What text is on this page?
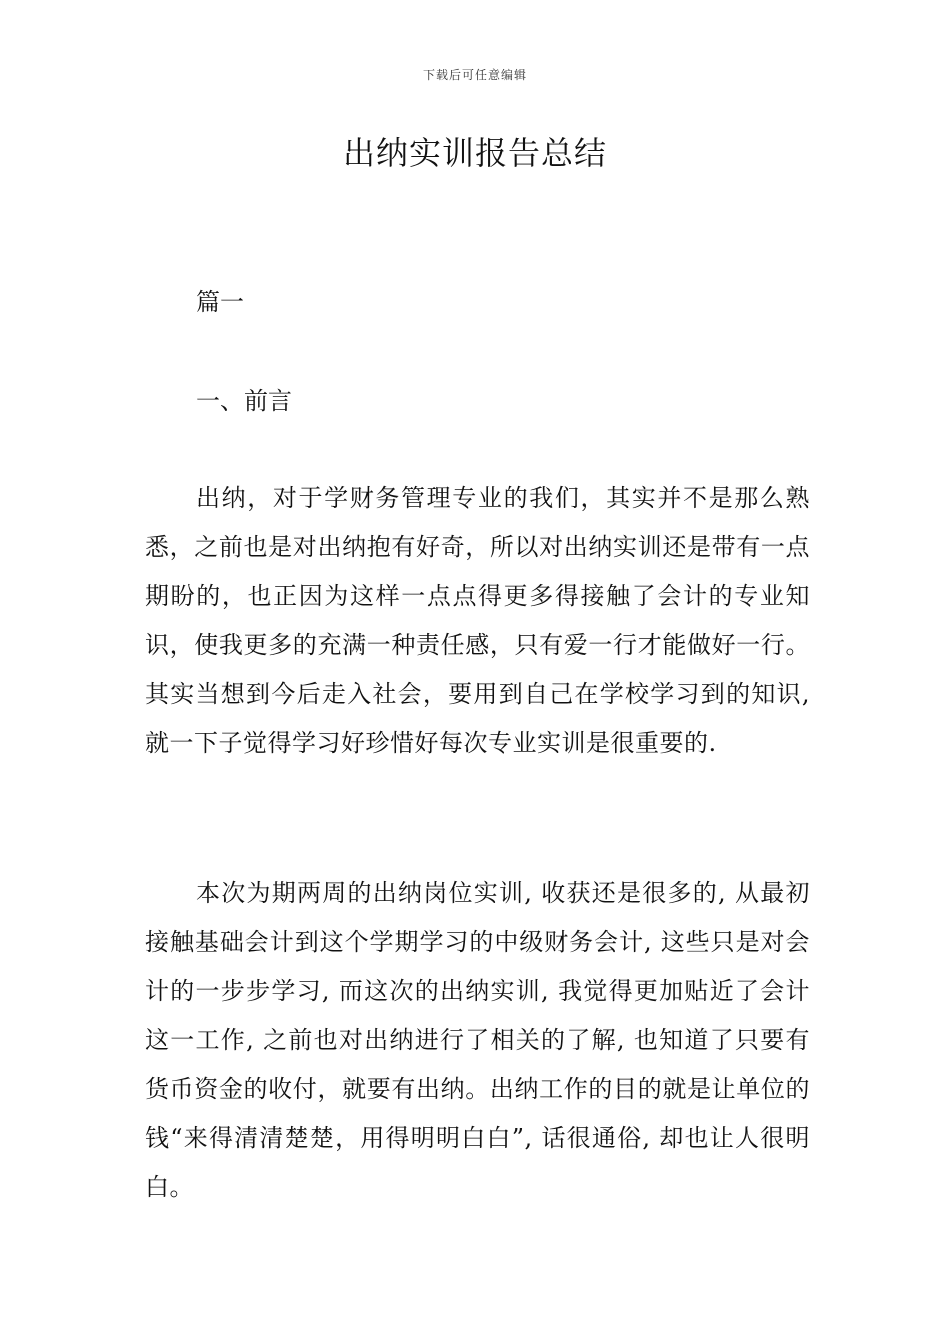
下载后可任意编辑
出纳实训报告总结

篇一

一、前言

出纳，对于学财务管理专业的我们，其实并不是那么熟悉，之前也是对出纳抱有好奇，所以对出纳实训还是带有一点期盼的，也正因为这样一点点得更多得接触了会计的专业知识，使我更多的充满一种责任感，只有爱一行才能做好一行。其实当想到今后走入社会，要用到自己在学校学习到的知识, 就一下子觉得学习好珍惜好每次专业实训是很重要的.

本次为期两周的出纳岗位实训, 收获还是很多的, 从最初接触基础会计到这个学期学习的中级财务会计, 这些只是对会计的一步步学习, 而这次的出纳实训, 我觉得更加贴近了会计这一工作, 之前也对出纳进行了相关的了解, 也知道了只要有货币资金的收付，就要有出纳。出纳工作的目的就是让单位的钱“来得清清楚楚，用得明明白白”, 话很通俗, 却也让人很明白。
